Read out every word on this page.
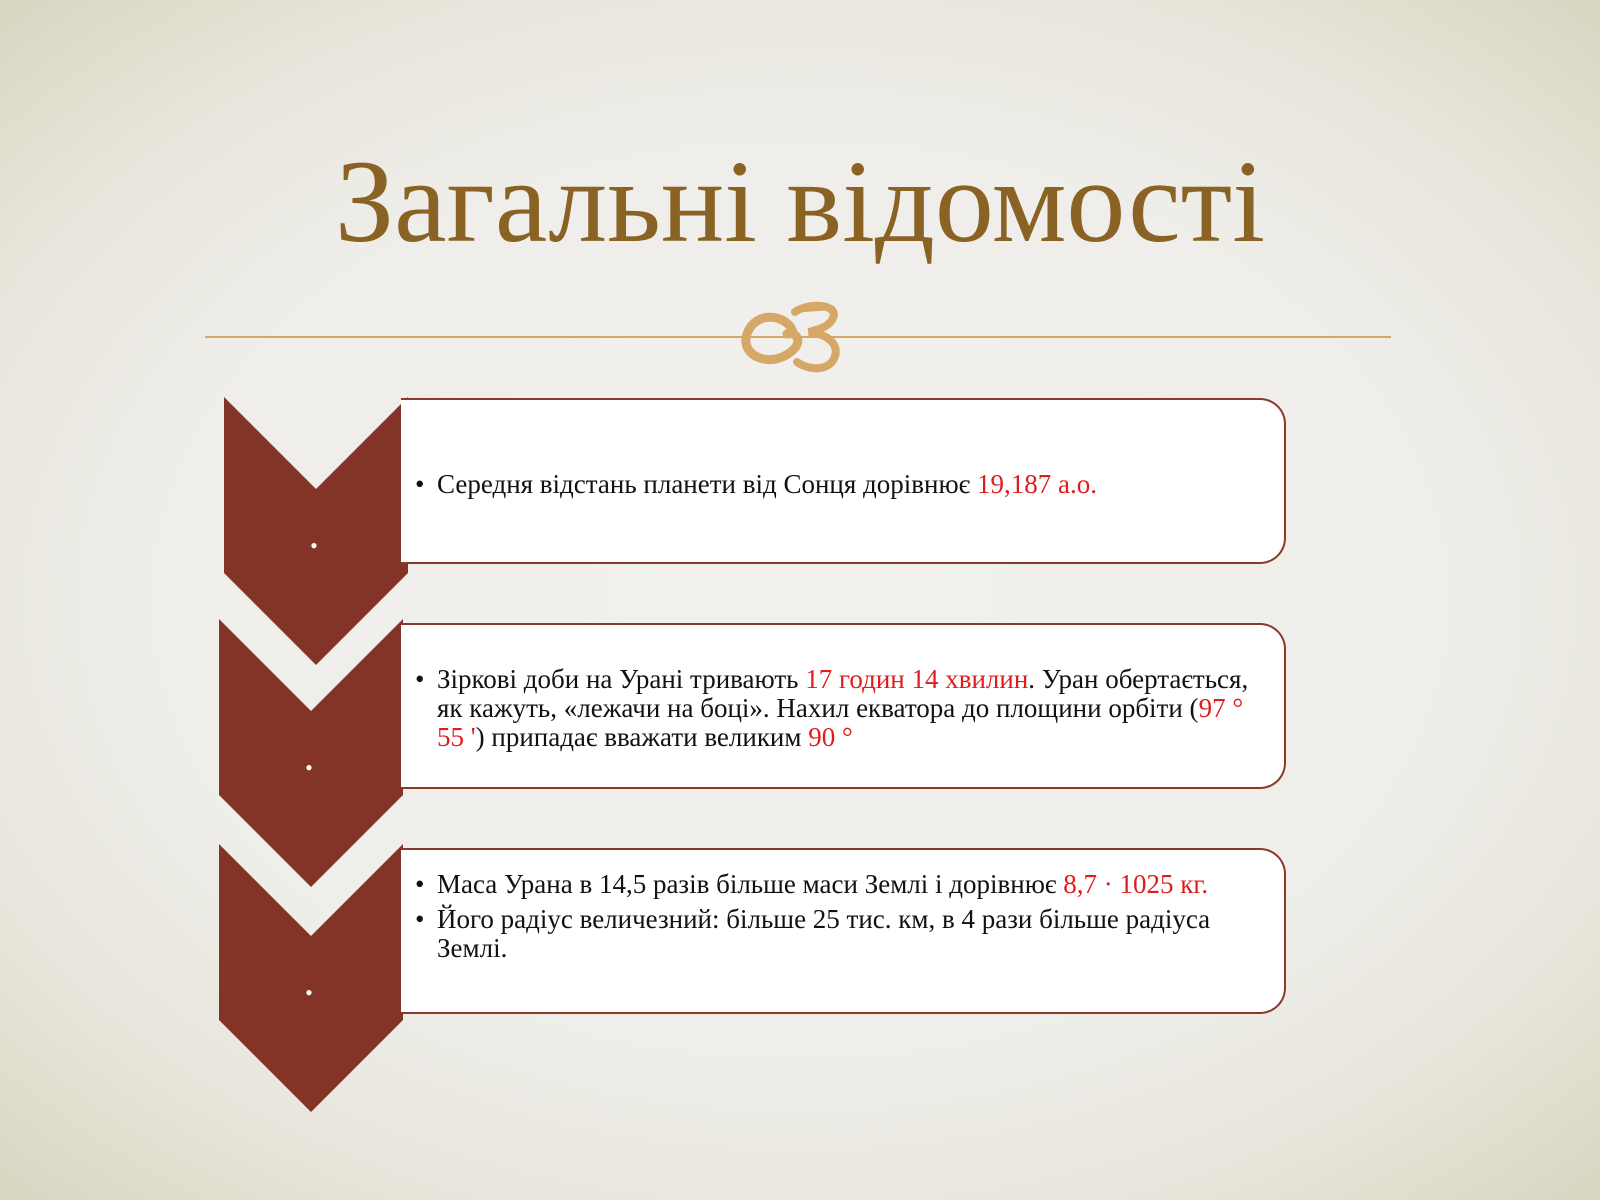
Загальні відомості
•
• Середня відстань планети від Сонця дорівнює 19,187 а.о.
•
• Зіркові доби на Урані тривають 17 годин 14 хвилин. Уран обертається, як кажуть, «лежачи на боці». Нахил екватора до площини орбіти (97 ° 55 ') припадає вважати великим 90 °
•
• Маса Урана в 14,5 разів більше маси Землі і дорівнює 8,7 · 1025 кг.
• Його радіус величезний: більше 25 тис. км, в 4 рази більше радіуса Землі.
